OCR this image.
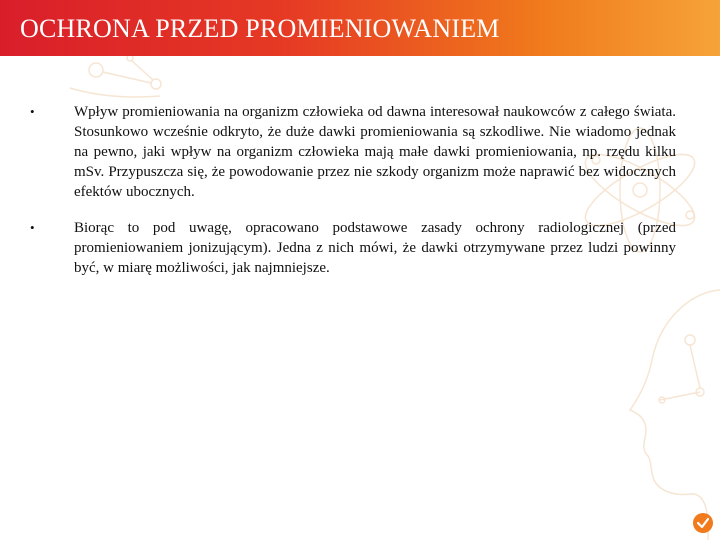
OCHRONA PRZED PROMIENIOWANIEM
•	Wpływ promieniowania na organizm człowieka od dawna interesował naukowców z całego świata. Stosunkowo wcześnie odkryto, że duże dawki promieniowania są szkodliwe. Nie wiadomo jednak na pewno, jaki wpływ na organizm człowieka mają małe dawki promieniowania, np. rzędu kilku mSv. Przypuszcza się, że powodowanie przez nie szkody organizm może naprawić bez widocznych efektów ubocznych.
•	Biorąc to pod uwagę, opracowano podstawowe zasady ochrony radiologicznej (przed promieniowaniem jonizującym). Jedna z nich mówi, że dawki otrzymywane przez ludzi powinny być, w miarę możliwości, jak najmniejsze.
